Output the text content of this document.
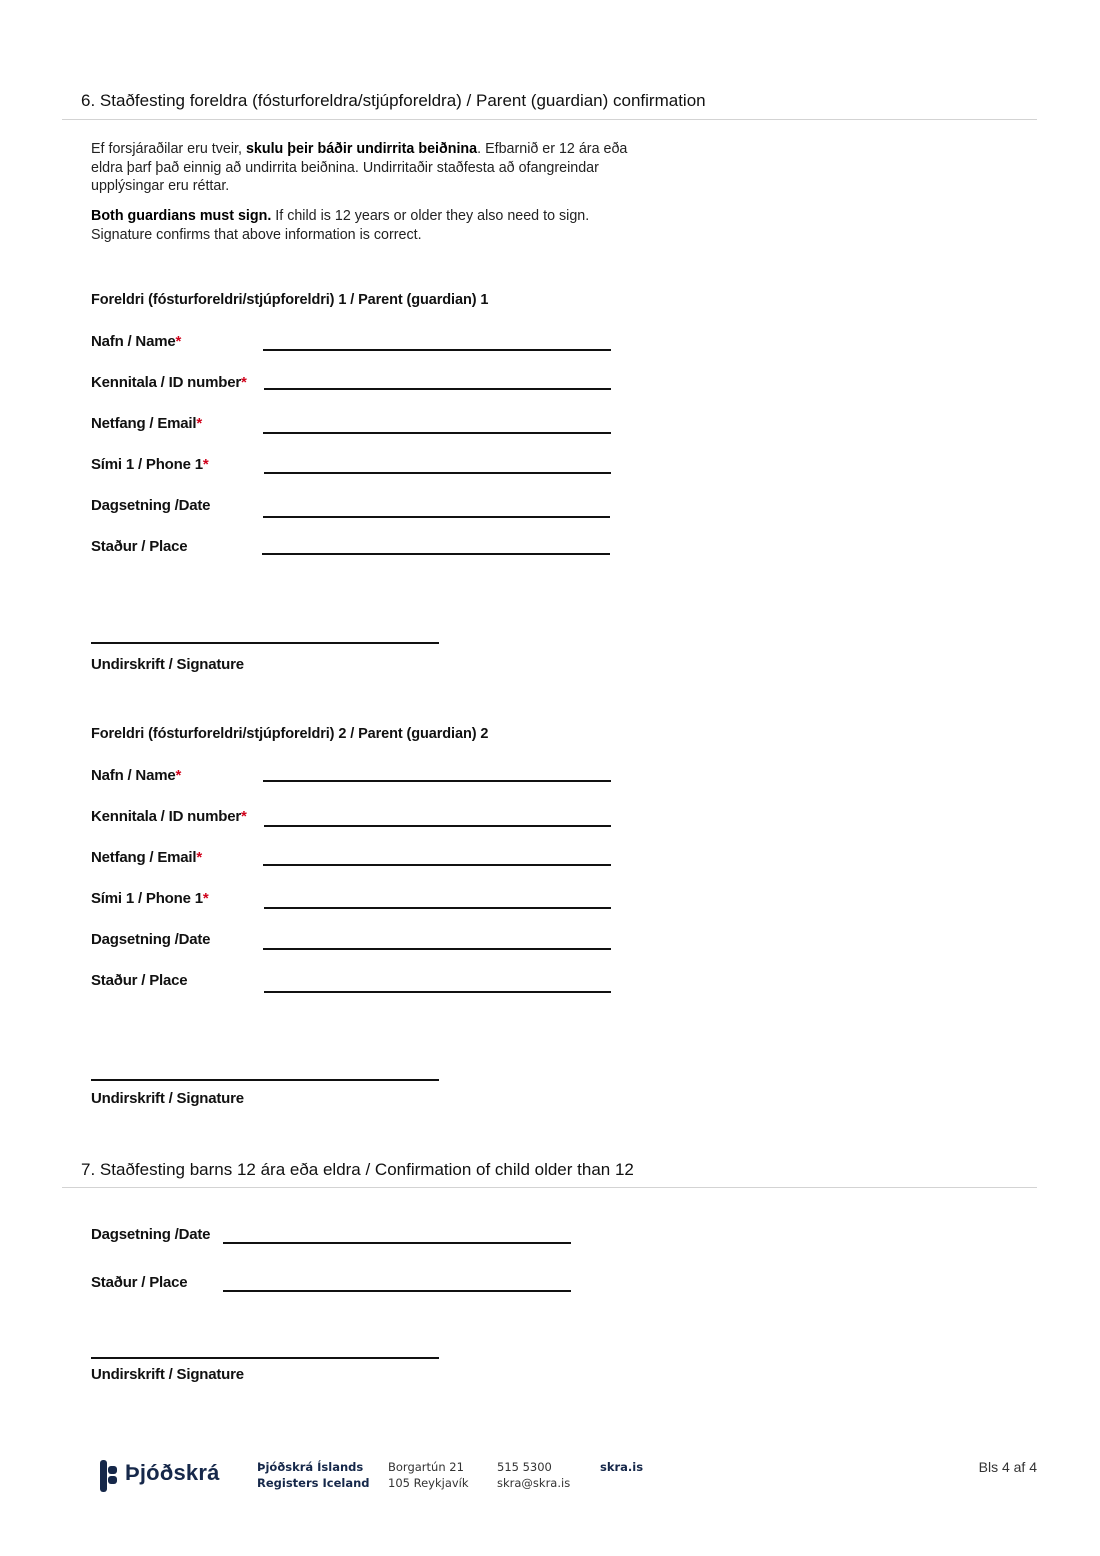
6. Staðfesting foreldra (fósturforeldra/stjúpforeldra) / Parent (guardian) confirmation
Ef forsjáraðilar eru tveir, skulu þeir báðir undirrita beiðnina. Efbarnið er 12 ára eða eldra þarf það einnig að undirrita beiðnina. Undirritaðir staðfesta að ofangreindar upplýsingar eru réttar.
Both guardians must sign. If child is 12 years or older they also need to sign. Signature confirms that above information is correct.
Foreldri (fósturforeldri/stjúpforeldri) 1 / Parent (guardian) 1
Nafn / Name*
Kennitala / ID number*
Netfang / Email*
Sími 1 / Phone 1*
Dagsetning /Date
Staður / Place
Undirskrift / Signature
Foreldri (fósturforeldri/stjúpforeldri) 2 / Parent (guardian) 2
Nafn / Name*
Kennitala / ID number*
Netfang / Email*
Sími 1 / Phone 1*
Dagsetning /Date
Staður / Place
Undirskrift / Signature
7. Staðfesting barns 12 ára eða eldra / Confirmation of child older than 12
Dagsetning /Date
Staður / Place
Undirskrift / Signature
Þjóðskrá	Þjóðskrá Íslands
Registers Iceland
Borgartún 21
105 Reykjavík
515 5300
skra@skra.is
skra.is	Bls 4 af 4
